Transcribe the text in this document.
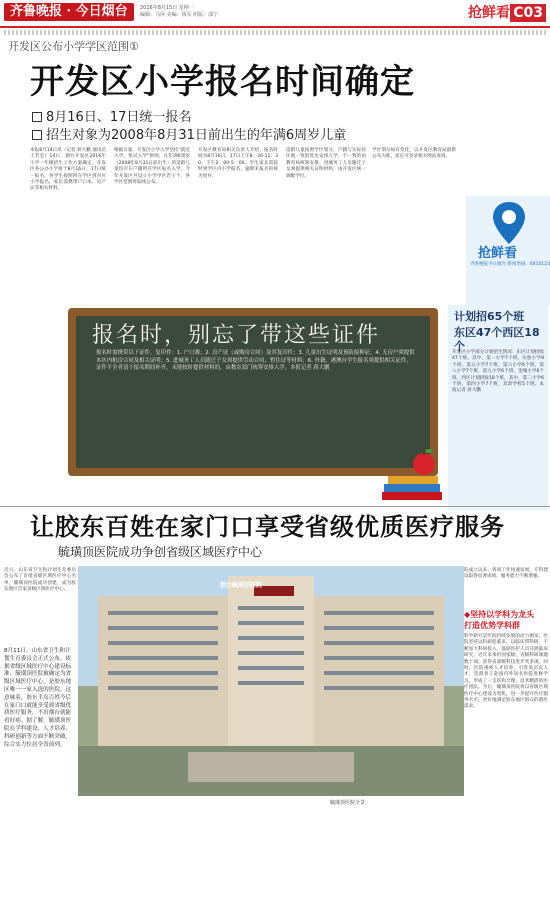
齐鲁晚报 · 今日烟台	2016年8月15日 星期一
编辑：马萍 美编：钱军 组版：邵宁	抢鲜看 C03
开发区公布小学学区范围①
开发区小学报名时间确定
8月16日、17日统一报名
招生对象为2008年8月31日前出生的年满6周岁儿童
本报8月14日讯（记者 蒋大鹏 通讯员 王若宏）14日，烟台开发区2016年小学一年级招生工作方案确定，开发区各公办小学将于8月16日、17日统一报名。各学生按照所在学区到对应小学报名，家长需携带户口本、房产证等相关材料。
根据方案，开发区小学入学坚持“就近入学、免试入学”原则，凡年满6周岁（2008年8月31日前出生）的适龄儿童均可在户籍所在学区报名入学。今年开发区共设立小学学区若干个，各学区范围将陆续公布。
开发区教育局相关负责人介绍，报名时间为8月16日、17日上午8：30-11：30，下午2：00-5：00。学生家长需按时到学区内小学报名，逾期未报名的视为放弃。
适龄儿童按照学区划分，户籍与实际居住地一致的优先安排入学，不一致的由教育局统筹安排。进城务工人员随迁子女须提供相关证明材料，由开发区统一调配学位。
学区划分如有变化，以开发区教育局最新公布为准，家长可登录相关网站查询。
抢鲜看
齐鲁晚报今日烟台 新闻热线：6610123
报名时，别忘了带这些证件
报名时需携带以下证件，复印件：1. 户口簿；2. 房产证（或购房合同）及其复印件；3. 儿童出生证明及预防接种证；4. 无房户须提供本区内租房合同及相关证明；5. 进城务工人员随迁子女须提供劳动合同、暂住证等材料；6. 外籍、港澳台学生报名须提供相关证件。证件不全者请于报名期间补齐，未能按时提供材料的，由教育部门统筹安排入学。本报记者 蒋大鹏
计划招65个班
东区47个西区18个
开发区小学部分计划招生情况：东区计划招收47个班，其中，第一小学7个班，实验小学8个班，第五小学7个班，第六小学6个班，第八小学7个班，第九小学6个班，金城小学6个班。西区计划招收18个班，其中，第三小学6个班，第四小学7个班，其余学校5个班。本报记者 蒋大鹏
让胶东百姓在家门口享受省级优质医疗服务
毓璜顶医院成功争创省级区域医疗中心
烟台毓璜顶医院
毓璜顶医院全景
近日，山东省卫生和计划生育委员会公布了首批省级区域医疗中心名单，毓璜顶医院成功创建，成为胶东地区首家省级区域医疗中心。
8月11日，山东省卫生和计划生育委员会正式公布，依据省级区域医疗中心建设标准，毓璜顶医院被确定为省级区域医疗中心，是胶东地区唯一一家入选的医院。这意味着，胶东半岛百姓今后在家门口就能享受到省级优质医疗服务，不出烟台就能看好病。据了解，毓璜顶医院在学科建设、人才培养、科研创新等方面不断突破，综合实力位居全省前列。
院成立以来，各项工作快速发展，专科建设取得显著成绩，服务能力不断增强。
◆坚持以学科为龙头
打造优势学科群
科学研究是医院持续发展的动力源泉。医院坚持以科研促临床，以临床带科研，不断加大科研投入，鼓励医护人员开展临床研究，近年来承担国家级、省级科研课题数十项，获得省部级科技进步奖多项。同时，医院重视人才培养，引进高层次人才，选派骨干赴国内外知名医院进修学习，形成了一支结构合理、技术精湛的医疗团队。今后，毓璜顶医院将以省级区域医疗中心建设为契机，进一步提升医疗服务水平，更好地满足胶东地区群众的就医需求。
